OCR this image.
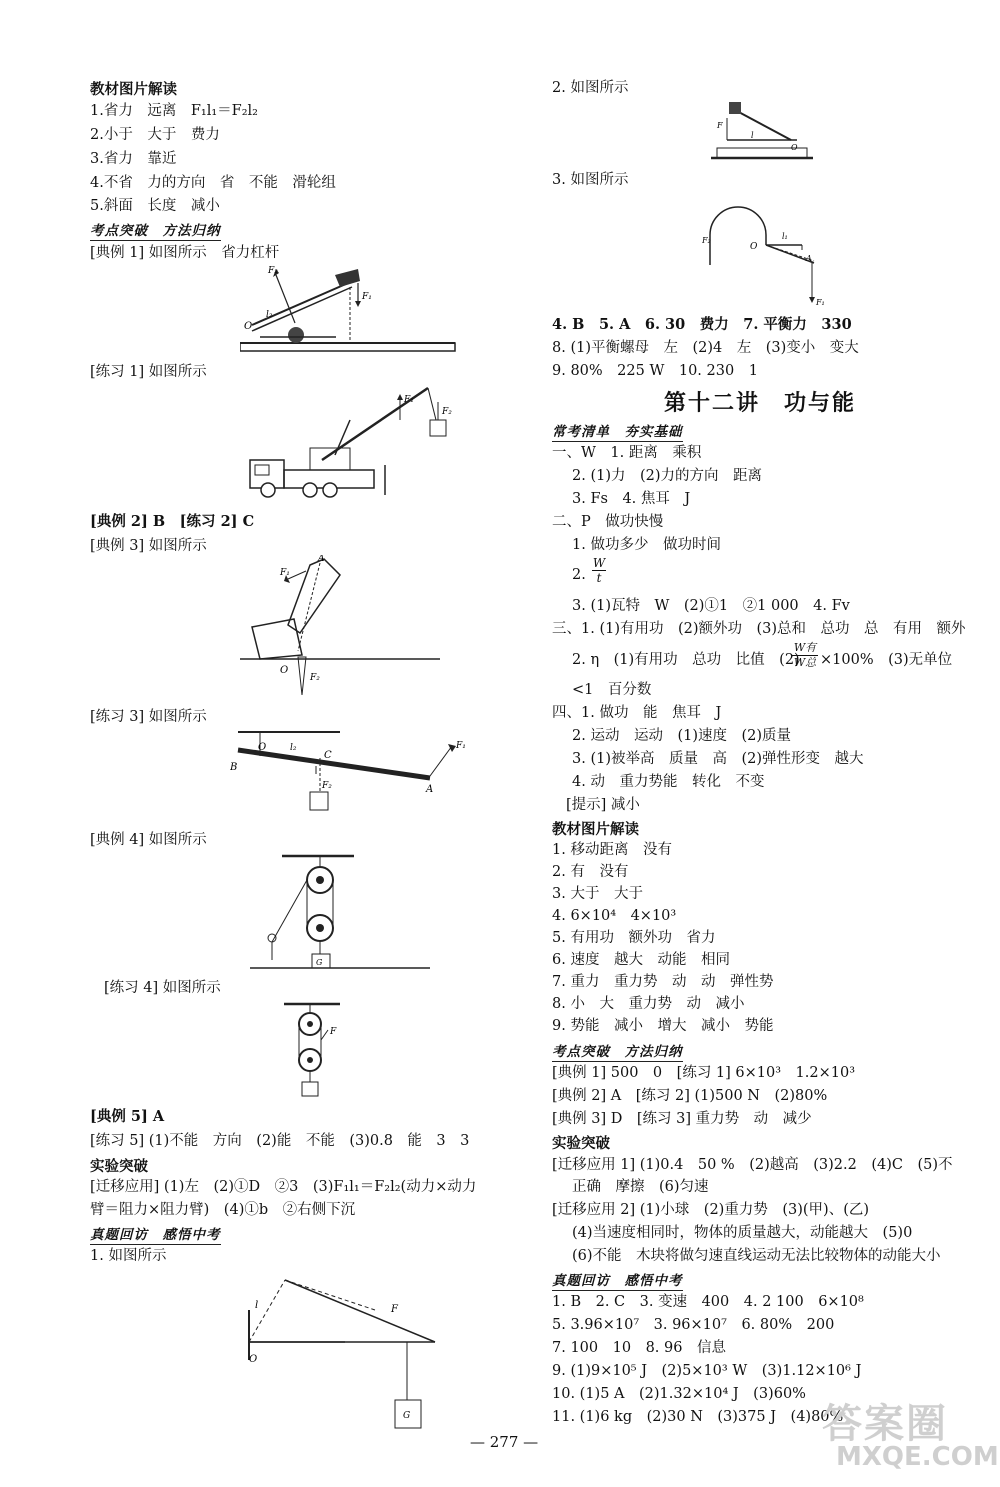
教材图片解读
1.省力　远离　F₁l₁＝F₂l₂
2.小于　大于　费力
3.省力　靠近
4.不省　力的方向　省　不能　滑轮组
5.斜面　长度　减小
考点突破　方法归纳
[典例 1] 如图所示　省力杠杆
F₁
F₂
O
l₂
[练习 1] 如图所示
F₁
F₂
[典例 2] B　[练习 2] C
[典例 3] 如图所示
F₁
A
O
F₂
[练习 3] 如图所示
O
B
C
A
F₁
F₂
l₂
[典例 4] 如图所示
G
[练习 4] 如图所示
F
[典例 5] A
[练习 5] (1)不能　方向　(2)能　不能　(3)0.8　能　3　3
实验突破
[迁移应用] (1)左　(2)①D　②3　(3)F₁l₁＝F₂l₂(动力×动力
臂＝阻力×阻力臂)　(4)①b　②右侧下沉
真题回访　感悟中考
1. 如图所示
l	F
O
G
2. 如图所示
F
l
O
3. 如图所示
O
F₂
A
F₁
l₁
4. B　5. A　6. 30　费力　7. 平衡力　330
8. (1)平衡螺母　左　(2)4　左　(3)变小　变大
9. 80%　225 W　10. 230　1
第十二讲　功与能
常考清单　夯实基础
一、W　1. 距离　乘积
2. (1)力　(2)力的方向　距离
3. Fs　4. 焦耳　J
二、P　做功快慢
1. 做功多少　做功时间
2.
W
t
3. (1)瓦特　W　(2)①1　②1 000　4. Fv
三、1. (1)有用功　(2)额外功　(3)总和　总功　总　有用　额外
2. η　(1)有用功　总功　比值　(2)
W有
W总 ×100%　(3)无单位
<1　百分数
四、1. 做功　能　焦耳　J
2. 运动　运动　(1)速度　(2)质量
3. (1)被举高　质量　高　(2)弹性形变　越大
4. 动　重力势能　转化　不变
[提示] 减小
教材图片解读
1. 移动距离　没有
2. 有　没有
3. 大于　大于
4. 6×10⁴　4×10³
5. 有用功　额外功　省力
6. 速度　越大　动能　相同
7. 重力　重力势　动　动　弹性势
8. 小　大　重力势　动　减小
9. 势能　减小　增大　减小　势能
考点突破　方法归纳
[典例 1] 500　0　[练习 1] 6×10³　1.2×10³
[典例 2] A　[练习 2] (1)500 N　(2)80%
[典例 3] D　[练习 3] 重力势　动　减少
实验突破
[迁移应用 1] (1)0.4　50 %　(2)越高　(3)2.2　(4)C　(5)不
正确　摩擦　(6)匀速
[迁移应用 2] (1)小球　(2)重力势　(3)(甲)、(乙)
(4)当速度相同时，物体的质量越大，动能越大　(5)0
(6)不能　木块将做匀速直线运动无法比较物体的动能大小
真题回访　感悟中考
1. B　2. C　3. 变速　400　4. 2 100　6×10⁸
5. 3.96×10⁷　3. 96×10⁷　6. 80%　200
7. 100　10　8. 96　信息
9. (1)9×10⁵ J　(2)5×10³ W　(3)1.12×10⁶ J
10. (1)5 A　(2)1.32×10⁴ J　(3)60%
11. (1)6 kg　(2)30 N　(3)375 J　(4)80%
— 277 —	答案圈
MXQE.COM
